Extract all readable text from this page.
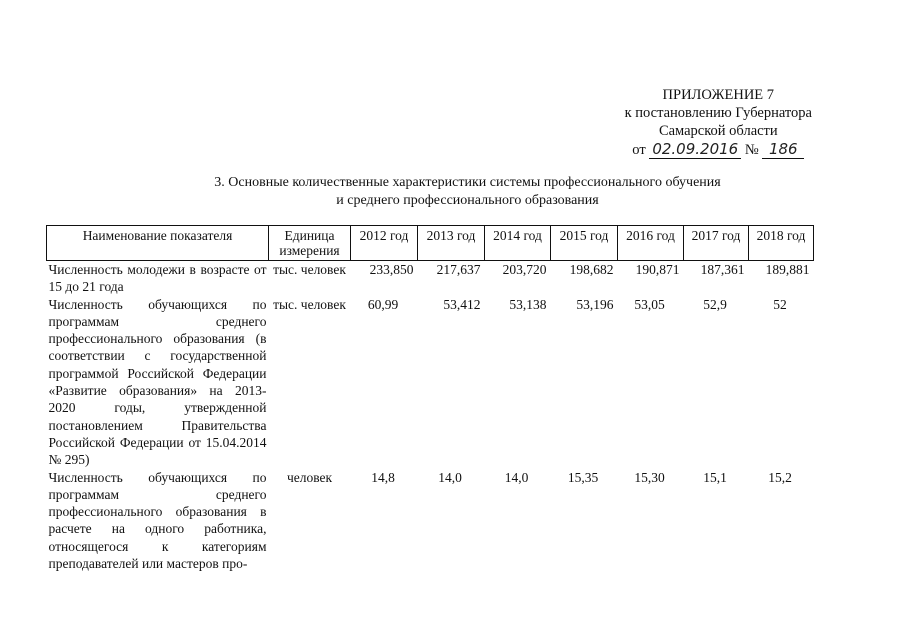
ПРИЛОЖЕНИЕ 7
к постановлению Губернатора
Самарской области
от 02.09.2016 № 186
3. Основные количественные характеристики системы профессионального обучения
и среднего профессионального образования
Наименование показателя	Единица измерения	2012 год	2013 год	2014 год	2015 год	2016 год	2017 год	2018 год
Численность молодежи в возрасте от 15 до 21 года	тыс. человек	233,850	217,637	203,720	198,682	190,871	187,361	189,881
Численность обучающихся по программам среднего профессионального образования (в соответствии с государственной программой Российской Федерации «Развитие образования» на 2013-2020 годы, утвержденной постановлением Правительства Российской Федерации от 15.04.2014 № 295)	тыс. человек	60,99	53,412	53,138	53,196	53,05	52,9	52
Численность обучающихся по программам среднего профессионального образования в расчете на одного работника, относящегося к категориям преподавателей или мастеров про-	человек	14,8	14,0	14,0	15,35	15,30	15,1	15,2
